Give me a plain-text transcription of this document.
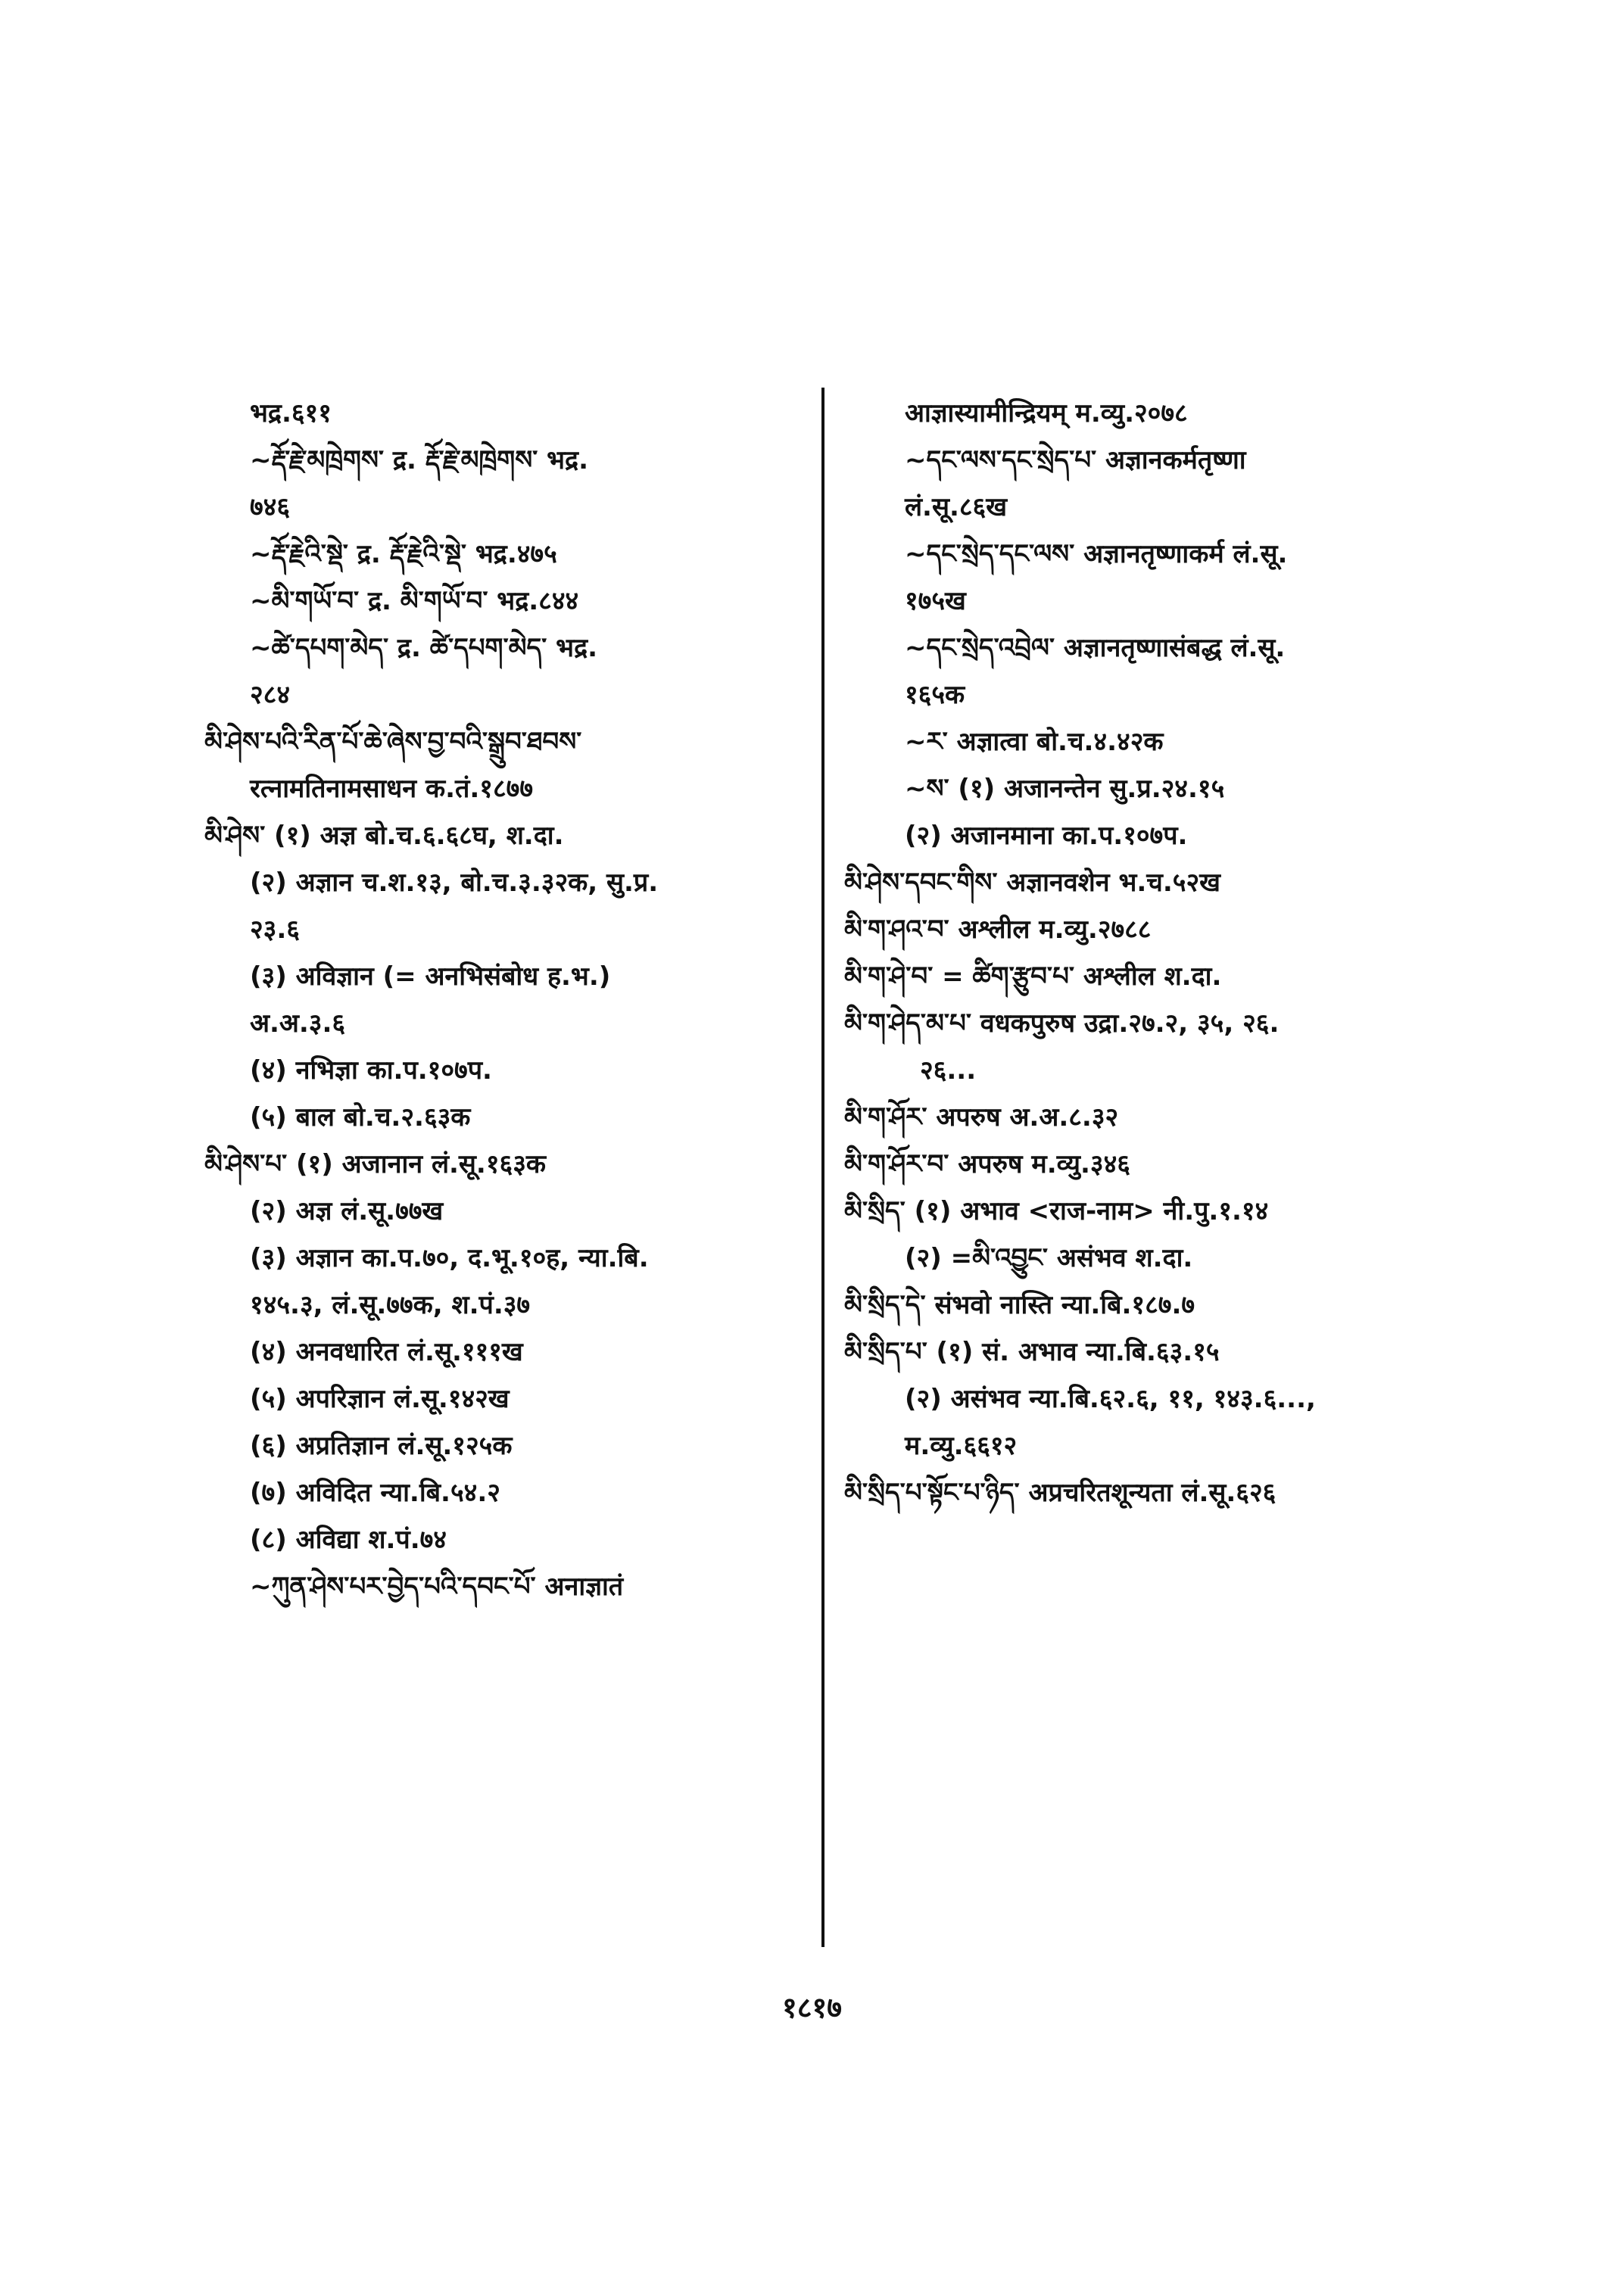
भद्र.६११
~རྡོ་རྗེ་མཁྲེགས་ द्र. རྡོ་རྗེ་མཁྲེགས་ भद्र.
७४६
~རྡོ་རྗེའི་སྡེ་ द्र. རྡོ་རྗེའི་སྡེ་ भद्र.४७५
~མི་གཡོ་བ་ द्र. མི་གཡོ་བ་ भद्र.८४४
~ཚེ་དཔག་མེད་ द्र. ཚེ་དཔག་མེད་ भद्र.
२८४
མི་ཤེས་པའི་རིན་པོ་ཆེ་ཞེས་བྱ་བའི་སྒྲུབ་ཐབས་
रत्नामतिनामसाधन क.तं.१८७७
མི་ཤེས་ (१) अज्ञ बो.च.६.६८घ, श.दा.
(२) अज्ञान च.श.१३, बो.च.३.३२क, सु.प्र.
२३.६
(३) अविज्ञान (= अनभिसंबोध ह.भ.)
अ.अ.३.६
(४) नभिज्ञा का.प.१०७प.
(५) बाल बो.च.२.६३क
མི་ཤེས་པ་ (१) अजानान लं.सू.१६३क
(२) अज्ञ लं.सू.७७ख
(३) अज्ञान का.प.७०, द.भू.१०ह, न्या.बि.
१४५.३, लं.सू.७७क, श.पं.३७
(४) अनवधारित लं.सू.१११ख
(५) अपरिज्ञान लं.सू.१४२ख
(६) अप्रतिज्ञान लं.सू.१२५क
(७) अविदित न्या.बि.५४.२
(८) अविद्या श.पं.७४
~ཀུན་ཤེས་པར་བྱེད་པའི་དབང་པོ་ अनाज्ञातं
आज्ञास्यामीन्द्रियम् म.व्यु.२०७८
~དང་ལས་དང་སྲེད་པ་ अज्ञानकर्मतृष्णा
लं.सू.८६ख
~དང་སྲེད་དང་ལས་ अज्ञानतृष्णाकर्म लं.सू.
१७५ख
~དང་སྲེད་འབྲེལ་ अज्ञानतृष्णासंबद्ध लं.सू.
१६५क
~ར་ अज्ञात्वा बो.च.४.४२क
~ས་ (१) अजानन्तेन सु.प्र.२४.१५
(२) अजानमाना का.प.१०७प.
མི་ཤེས་དབང་གིས་ अज्ञानवशेन भ.च.५२ख
མི་ག་ཤའ་བ་ अश्लील म.व्यु.२७८८
མི་ག་ཤེ་བ་ = ཚིག་རྩུབ་པ་ अश्लील श.दा.
མི་ག་ཤེད་མ་པ་ वधकपुरुष उद्रा.२७.२, ३५, २६.
२६...
མི་ག་ཤོར་ अपरुष अ.अ.८.३२
མི་ག་ཤོར་བ་ अपरुष म.व्यु.३४६
མི་སྲིད་ (१) अभाव <राज-नाम> नी.पु.१.१४
(२) =མི་འབྱུང་ असंभव श.दा.
མི་སྲིད་དེ་ संभवो नास्ति न्या.बि.१८७.७
མི་སྲིད་པ་ (१) सं. अभाव न्या.बि.६३.१५
(२) असंभव न्या.बि.६२.६, ११, १४३.६...,
म.व्यु.६६१२
མི་སྲིད་པ་སྟོང་པ་ཉིད་ अप्रचरितशून्यता लं.सू.६२६
१८१७
